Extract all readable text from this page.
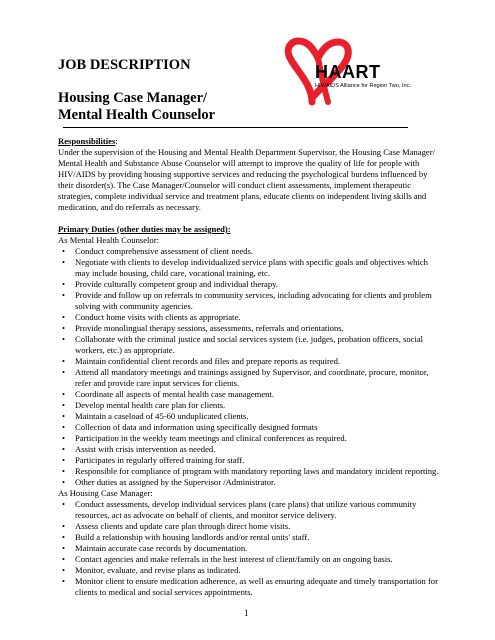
JOB DESCRIPTION
Housing Case Manager/
Mental Health Counselor
HAART
HIV/AIDS Alliance for Region Two, Inc.

Responsibilities:
Under the supervision of the Housing and Mental Health Department Supervisor, the Housing Case Manager/ Mental Health and Substance Abuse Counselor will attempt to improve the quality of life for people with HIV/AIDS by providing housing supportive services and reducing the psychological burdens influenced by their disorder(s). The Case Manager/Counselor will conduct client assessments, implement therapeutic strategies, complete individual service and treatment plans, educate clients on independent living skills and medication, and do referrals as necessary.

Primary Duties (other duties may be assigned):
As Mental Health Counselor:
• Conduct comprehensive assessment of client needs.
• Negotiate with clients to develop individualized service plans with specific goals and objectives which may include housing, child care, vocational training, etc.
• Provide culturally competent group and individual therapy.
• Provide and follow up on referrals to community services, including advocating for clients and problem solving with community agencies.
• Conduct home visits with clients as appropriate.
• Provide monolingual therapy sessions, assessments, referrals and orientations.
• Collaborate with the criminal justice and social services system (i.e. judges, probation officers, social workers, etc.) as appropriate.
• Maintain confidential client records and files and prepare reports as required.
• Attend all mandatory meetings and trainings assigned by Supervisor, and coordinate, procure, monitor, refer and provide care input services for clients.
• Coordinate all aspects of mental health case management.
• Develop mental health care plan for clients.
• Maintain a caseload of 45-60 unduplicated clients.
• Collection of data and information using specifically designed formats
• Participation in the weekly team meetings and clinical conferences as required.
• Assist with crisis intervention as needed.
• Participates in regularly offered training for staff.
• Responsible for compliance of program with mandatory reporting laws and mandatory incident reporting.
• Other duties as assigned by the Supervisor /Administrator.
As Housing Case Manager:
• Conduct assessments, develop individual services plans (care plans) that utilize various community resources, act as advocate on behalf of clients, and monitor service delivery.
• Assess clients and update care plan through direct home visits.
• Build a relationship with housing landlords and/or rental units' staff.
• Maintain accurate case records by documentation.
• Contact agencies and make referrals in the best interest of client/family on an ongoing basis.
• Monitor, evaluate, and revise plans as indicated.
• Monitor client to ensure medication adherence, as well as ensuring adequate and timely transportation for clients to medical and social services appointments.
1
